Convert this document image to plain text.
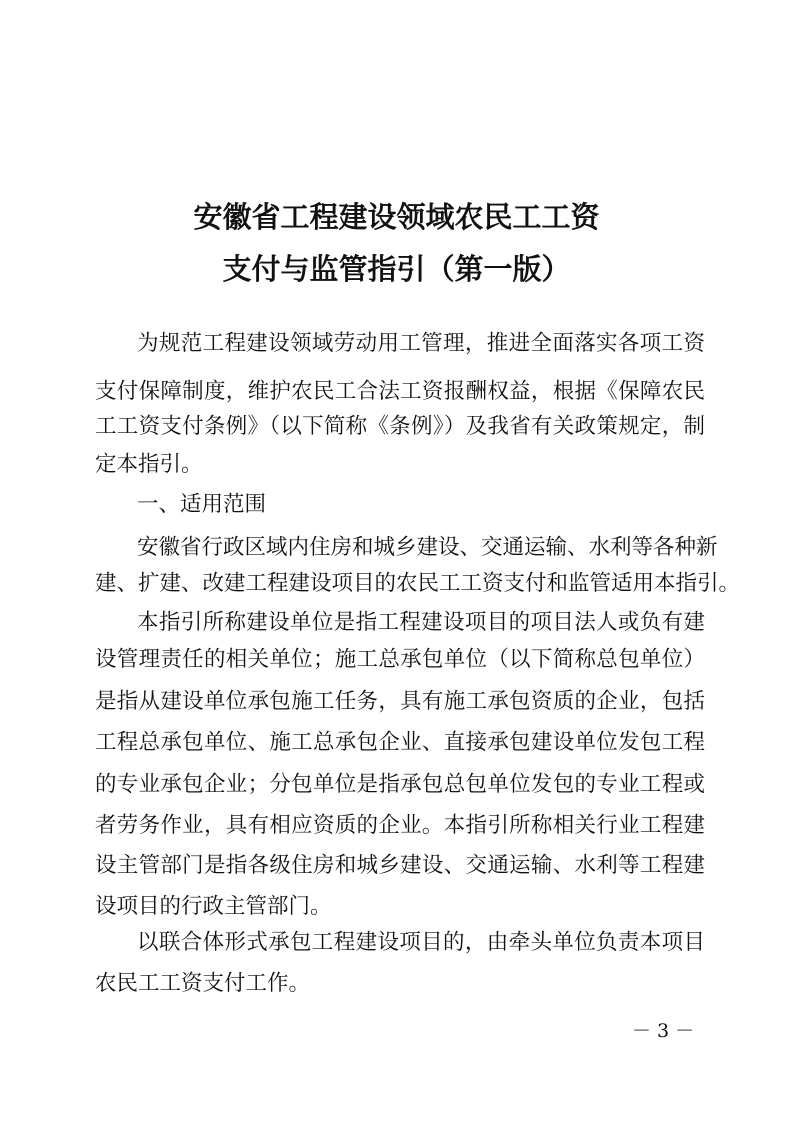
安徽省工程建设领域农民工工资
支付与监管指引（第一版）

为规范工程建设领域劳动用工管理，推进全面落实各项工资

支付保障制度，维护农民工合法工资报酬权益，根据《保障农民

工工资支付条例》（以下简称《条例》）及我省有关政策规定，制

定本指引。

一、适用范围

安徽省行政区域内住房和城乡建设、交通运输、水利等各种新

建、扩建、改建工程建设项目的农民工工资支付和监管适用本指引。

本指引所称建设单位是指工程建设项目的项目法人或负有建

设管理责任的相关单位；施工总承包单位（以下简称总包单位）

是指从建设单位承包施工任务，具有施工承包资质的企业，包括

工程总承包单位、施工总承包企业、直接承包建设单位发包工程

的专业承包企业；分包单位是指承包总包单位发包的专业工程或

者劳务作业，具有相应资质的企业。本指引所称相关行业工程建

设主管部门是指各级住房和城乡建设、交通运输、水利等工程建

设项目的行政主管部门。

以联合体形式承包工程建设项目的，由牵头单位负责本项目

农民工工资支付工作。

－ 3 －
